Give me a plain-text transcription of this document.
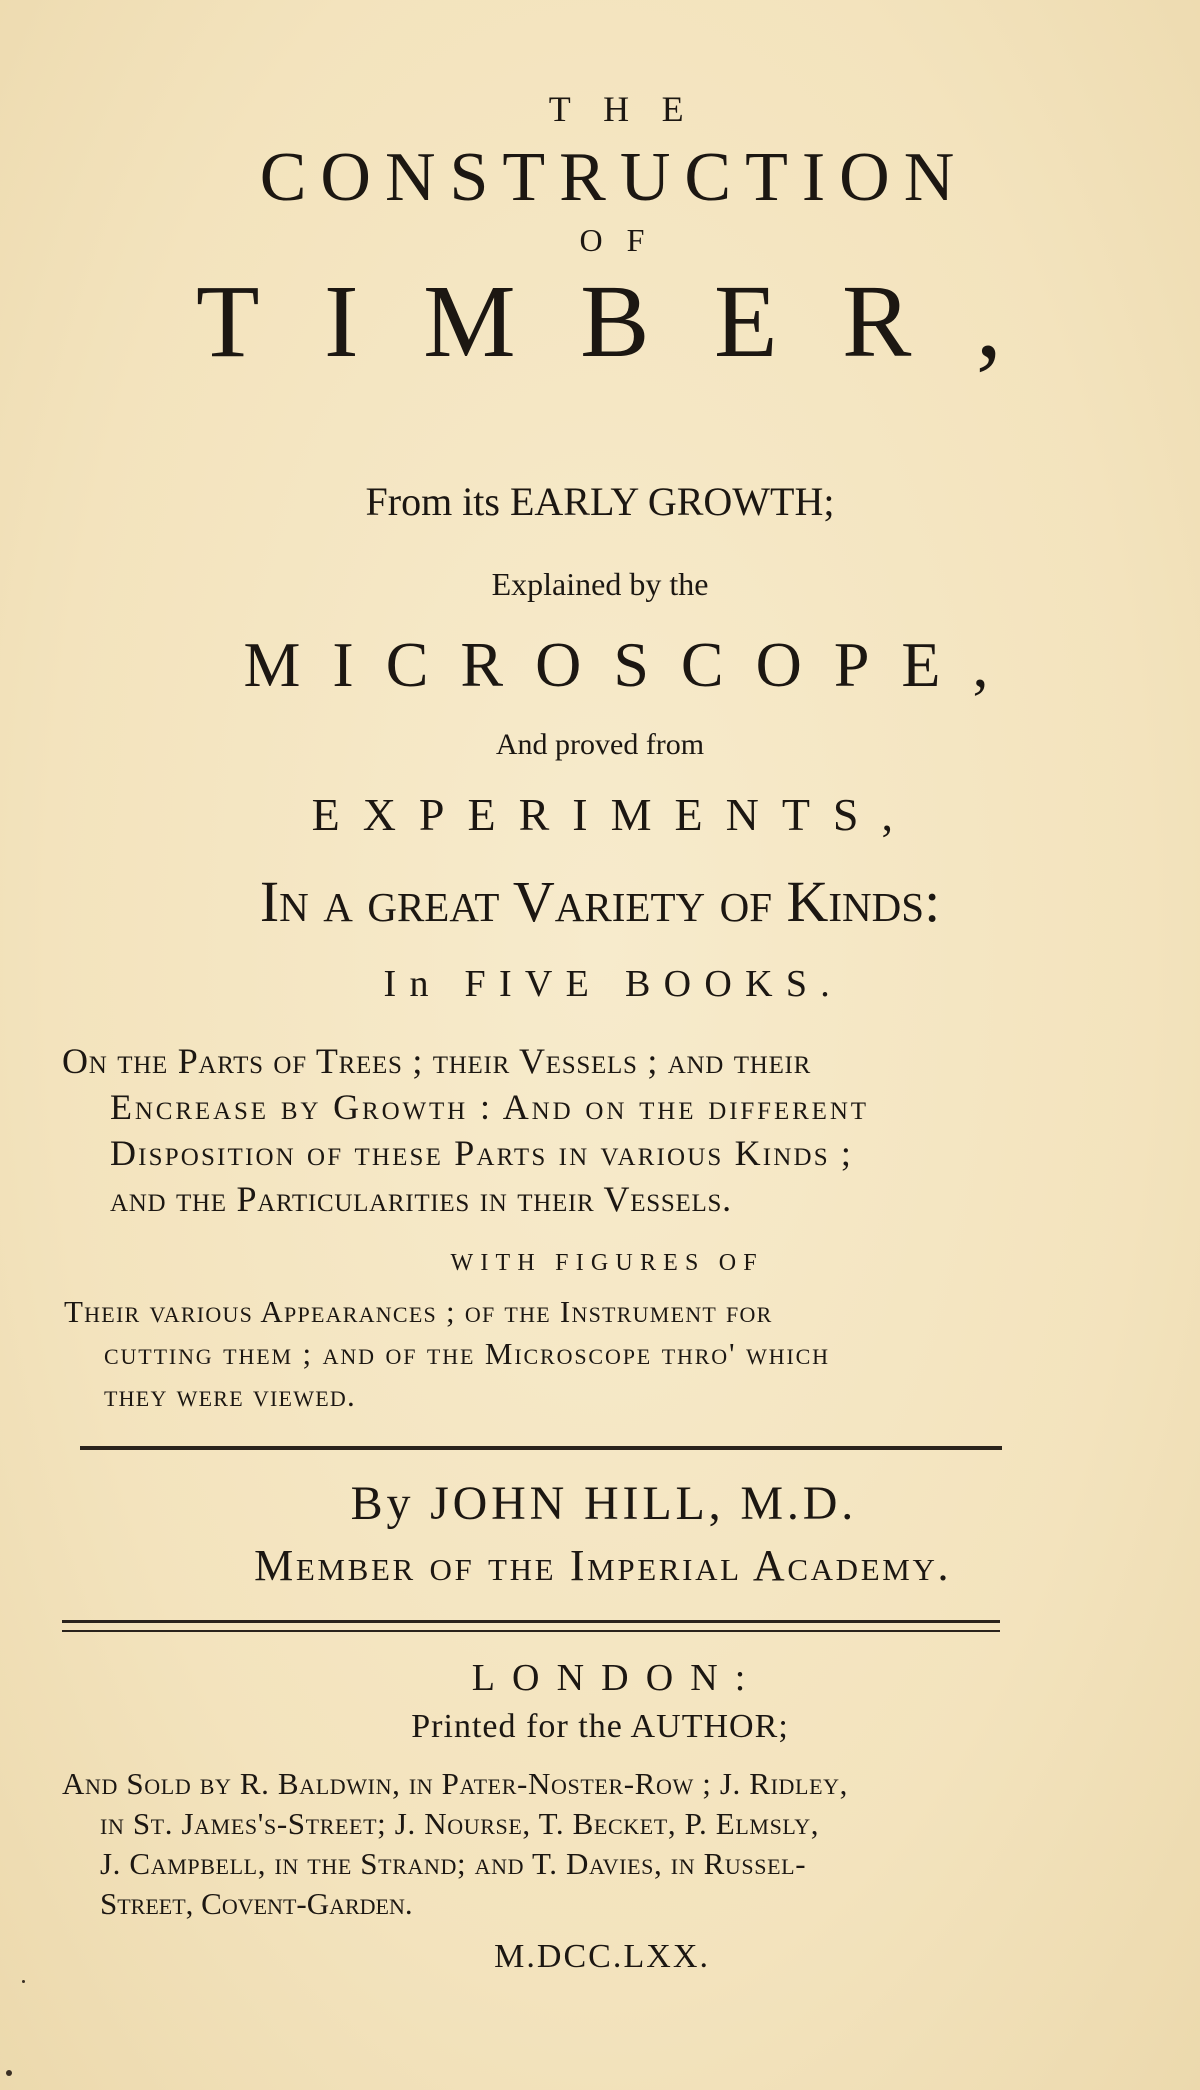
THE
CONSTRUCTION
OF
TIMBER,
From its EARLY GROWTH;
Explained by the
MICROSCOPE,
And proved from
EXPERIMENTS,
In a great Variety of Kinds:
In FIVE BOOKS.
On the Parts of Trees ; their Vessels ; and their
Encrease by Growth : And on the different
Disposition of these Parts in various Kinds ;
and the Particularities in their Vessels.
WITH FIGURES OF
Their various Appearances ; of the Instrument for
cutting them ; and of the Microscope thro' which
they were viewed.
By JOHN HILL, M.D.
Member of the Imperial Academy.
LONDON:
Printed for the AUTHOR;
And Sold by R. Baldwin, in Pater-Noster-Row ; J. Ridley,
in St. James's-Street; J. Nourse, T. Becket, P. Elmsly,
J. Campbell, in the Strand; and T. Davies, in Russel-
Street, Covent-Garden.
M.DCC.LXX.
